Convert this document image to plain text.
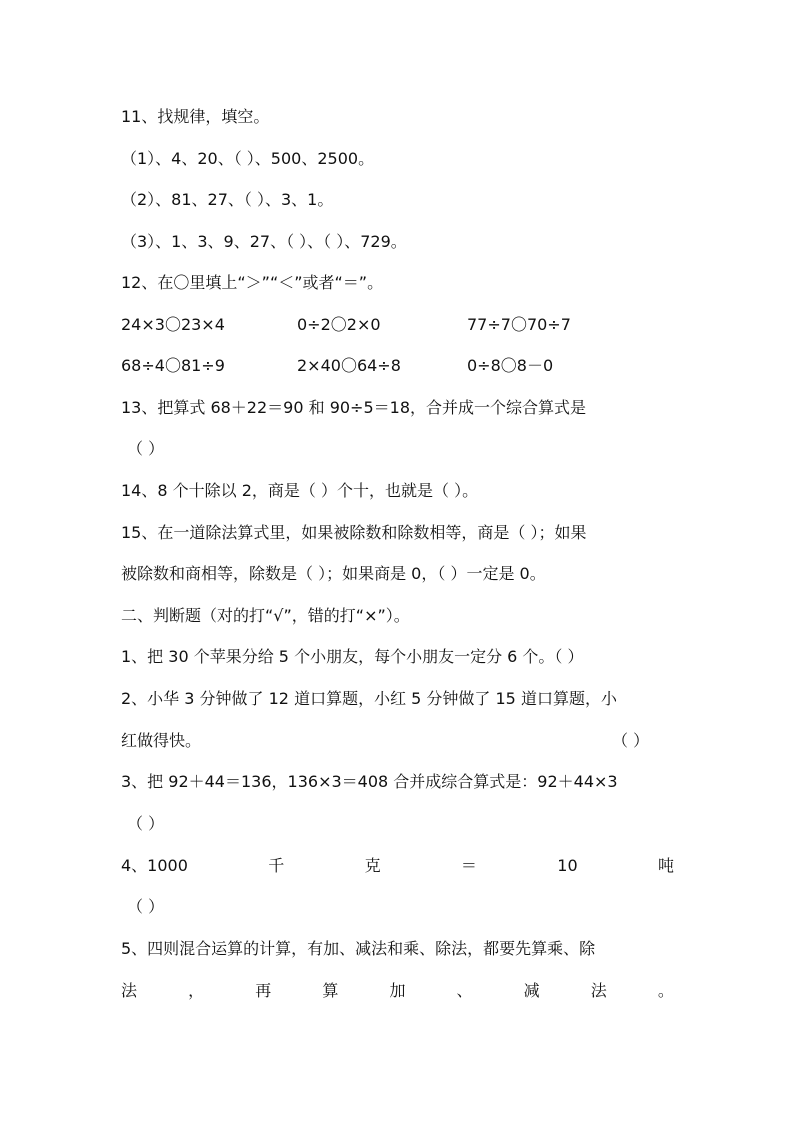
11、找规律，填空。
（1）、4、20、（ ）、500、2500。
（2）、81、27、（ ）、3、1。
（3）、1、3、9、27、（ ）、（ ）、729。
12、在〇里填上“＞”“＜”或者“＝”。
24×3〇23×4	0÷2〇2×0	77÷7〇70÷7
68÷4〇81÷9	2×40〇64÷8	0÷8〇8－0
13、把算式 68＋22＝90 和 90÷5＝18，合并成一个综合算式是
（ ）
14、8 个十除以 2，商是（ ）个十，也就是（ ）。
15、在一道除法算式里，如果被除数和除数相等，商是（ ）；如果
被除数和商相等，除数是（ ）；如果商是 0，（ ）一定是 0。
二、判断题（对的打“√”，错的打“×”）。
1、把 30 个苹果分给 5 个小朋友，每个小朋友一定分 6 个。（ ）
2、小华 3 分钟做了 12 道口算题，小红 5 分钟做了 15 道口算题，小
红做得快。	（ ）
3、把 92＋44＝136，136×3＝408 合并成综合算式是：92＋44×3
（ ）
4、1000	千	克	＝	10	吨
（ ）
5、四则混合运算的计算，有加、减法和乘、除法，都要先算乘、除
法	，	再	算	加	、	减	法	。
